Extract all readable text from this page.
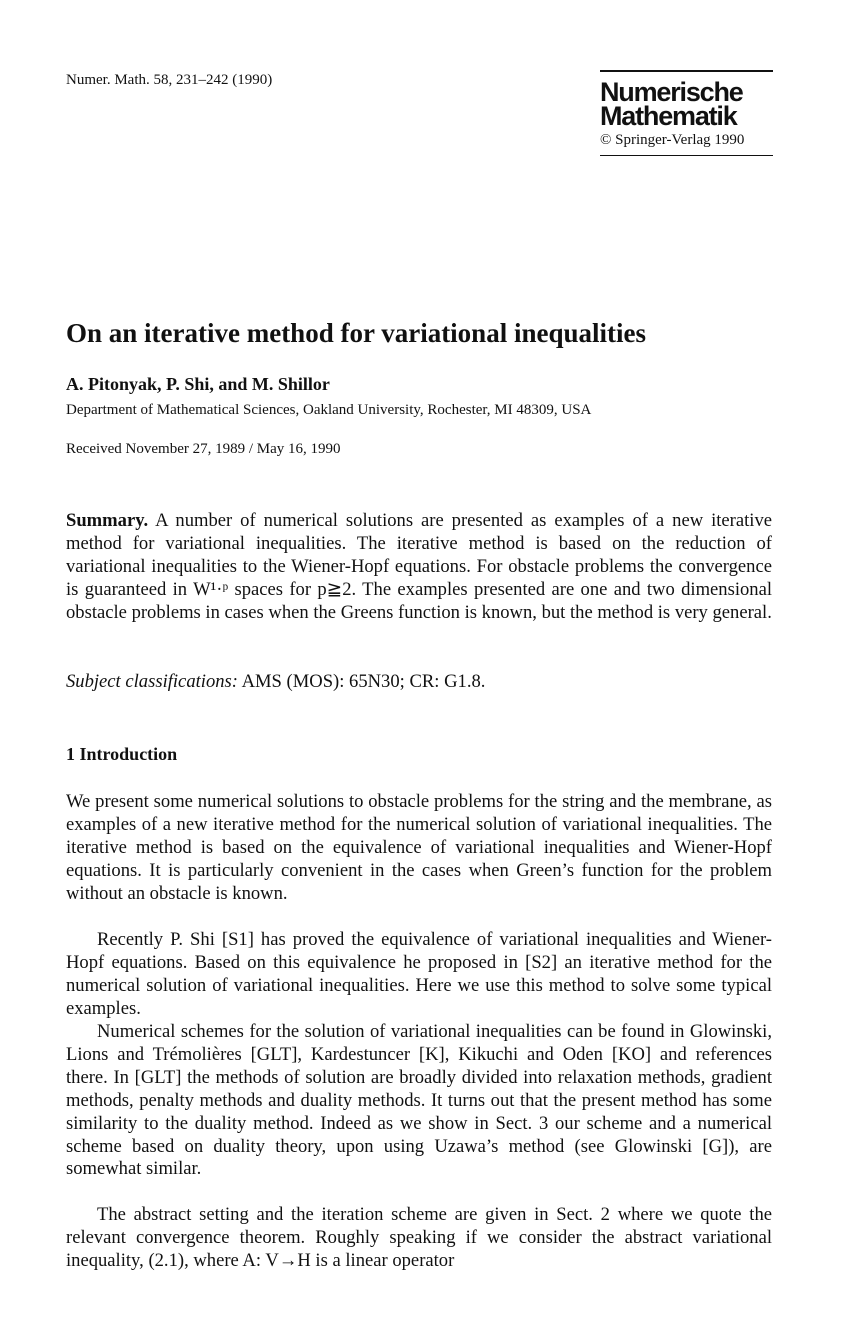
Numer. Math. 58, 231–242 (1990)	Numerische
Mathematik
© Springer-Verlag 1990
On an iterative method for variational inequalities
A. Pitonyak, P. Shi, and M. Shillor
Department of Mathematical Sciences, Oakland University, Rochester, MI 48309, USA
Received November 27, 1989 / May 16, 1990
Summary. A number of numerical solutions are presented as examples of a new iterative method for variational inequalities. The iterative method is based on the reduction of variational inequalities to the Wiener-Hopf equations. For obstacle problems the convergence is guaranteed in W¹·ᵖ spaces for p≧2. The examples presented are one and two dimensional obstacle problems in cases when the Greens function is known, but the method is very general.
Subject classifications: AMS (MOS): 65N30; CR: G1.8.
1 Introduction
We present some numerical solutions to obstacle problems for the string and the membrane, as examples of a new iterative method for the numerical solution of variational inequalities. The iterative method is based on the equivalence of variational inequalities and Wiener-Hopf equations. It is particularly convenient in the cases when Green’s function for the problem without an obstacle is known.
Recently P. Shi [S1] has proved the equivalence of variational inequalities and Wiener-Hopf equations. Based on this equivalence he proposed in [S2] an iterative method for the numerical solution of variational inequalities. Here we use this method to solve some typical examples.
Numerical schemes for the solution of variational inequalities can be found in Glowinski, Lions and Trémolières [GLT], Kardestuncer [K], Kikuchi and Oden [KO] and references there. In [GLT] the methods of solution are broadly divided into relaxation methods, gradient methods, penalty methods and duality methods. It turns out that the present method has some similarity to the duality method. Indeed as we show in Sect. 3 our scheme and a numerical scheme based on duality theory, upon using Uzawa’s method (see Glowinski [G]), are somewhat similar.
The abstract setting and the iteration scheme are given in Sect. 2 where we quote the relevant convergence theorem. Roughly speaking if we consider the abstract variational inequality, (2.1), where A: V→H is a linear operator
